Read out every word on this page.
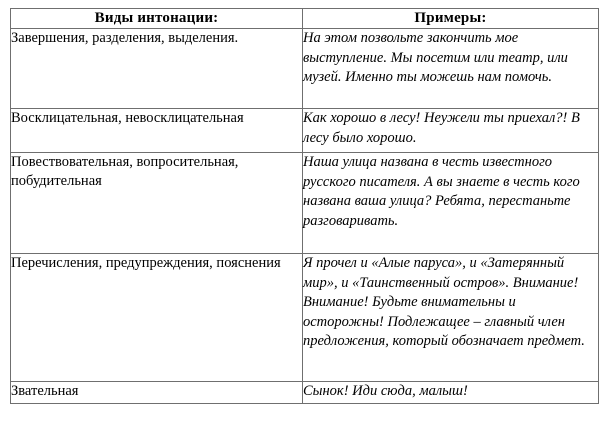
Виды интонации:	Примеры:

Завершения, разделения, выделения.	На этом позвольте закончить мое выступление. Мы посетим или театр, или музей. Именно ты можешь нам помочь.

Восклицательная, невосклицательная	Как хорошо в лесу! Неужели ты приехал?! В лесу было хорошо.

Повествовательная, вопросительная, побудительная	Наша улица названа в честь известного русского писателя. А вы знаете в честь кого названа ваша улица? Ребята, перестаньте разговаривать.

Перечисления, предупреждения, пояснения	Я прочел и «Алые паруса», и «Затерянный мир», и «Таинственный остров». Внимание! Внимание! Будьте внимательны и осторожны! Подлежащее – главный член предложения, который обозначает предмет.

Звательная	Сынок! Иди сюда, малыш!
